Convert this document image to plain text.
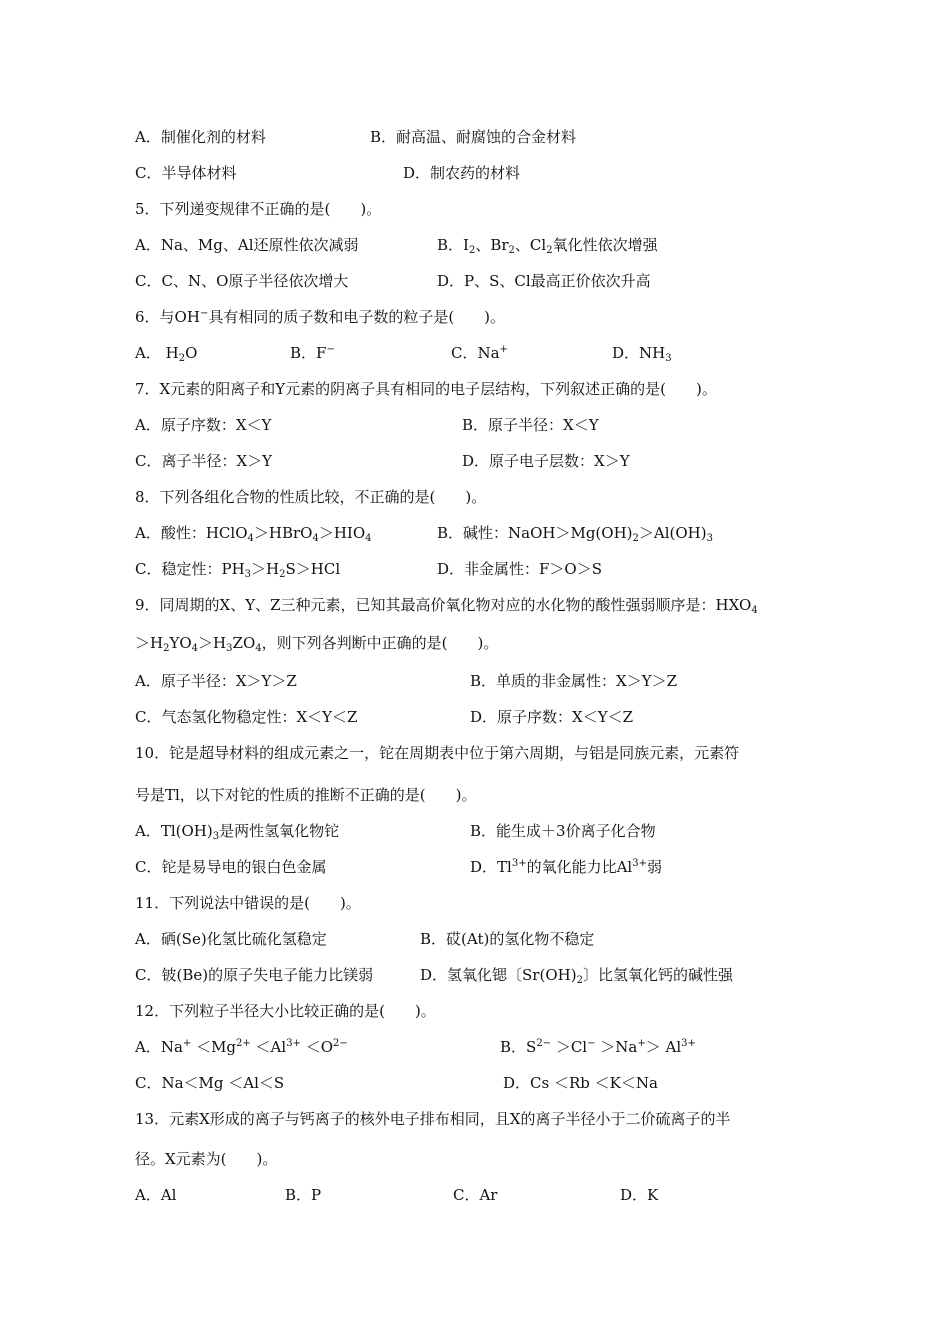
A．制催化剂的材料	B．耐高温、耐腐蚀的合金材料
C．半导体材料	D．制农药的材料
5．下列递变规律不正确的是(　　)。
A．Na、Mg、Al还原性依次减弱	B．$I_2$、$Br_2$、$Cl_2$氧化性依次增强
C．C、N、O原子半径依次增大	D．P、S、Cl最高正价依次升高
6．与OH−具有相同的质子数和电子数的粒子是(　　)。
A． $H_2O$	B．F−	C．Na+	D．$NH_3$
7．X元素的阳离子和Y元素的阴离子具有相同的电子层结构，下列叙述正确的是(　　)。
A．原子序数：X＜Y	B．原子半径：X＜Y
C．离子半径：X＞Y	D．原子电子层数：X＞Y
8．下列各组化合物的性质比较，不正确的是(　　)。
A．酸性：$HClO_4>HBrO_4>HIO_4$	B．碱性：$NaOH>Mg(OH)_2>Al(OH)_3$
C．稳定性：$PH_3>H_2S>HCl$	D．非金属性：F＞O＞S
9．同周期的X、Y、Z三种元素，已知其最高价氧化物对应的水化物的酸性强弱顺序是：$HXO_4$
$>H_2YO_4>H_3ZO_4$，则下列各判断中正确的是(　　)。
A．原子半径：X＞Y＞Z	B．单质的非金属性：X＞Y＞Z
C．气态氢化物稳定性：X＜Y＜Z	D．原子序数：X＜Y＜Z
10．铊是超导材料的组成元素之一，铊在周期表中位于第六周期，与铝是同族元素，元素符
号是Tl，以下对铊的性质的推断不正确的是(　　)。
A．$Tl(OH)_3$是两性氢氧化物铊	B．能生成＋3价离子化合物
C．铊是易导电的银白色金属	D．$Tl^{3+}$的氧化能力比$Al^{3+}$弱
11．下列说法中错误的是(　　)。
A．硒(Se)化氢比硫化氢稳定	B．砹(At)的氢化物不稳定
C．铍(Be)的原子失电子能力比镁弱	D．氢氧化锶〔$Sr(OH)_2$〕比氢氧化钙的碱性强
12．下列粒子半径大小比较正确的是(　　)。
A．$Na^+ <Mg^{2+} <Al^{3+} <O^{2-}$	B．$S^{2-} >Cl^- >Na^+> Al^{3+}$
C．Na＜Mg ＜Al＜S	D．Cs ＜Rb ＜K＜Na
13．元素X形成的离子与钙离子的核外电子排布相同，且X的离子半径小于二价硫离子的半
径。X元素为(　　)。
A．Al	B．P	C．Ar	D．K
